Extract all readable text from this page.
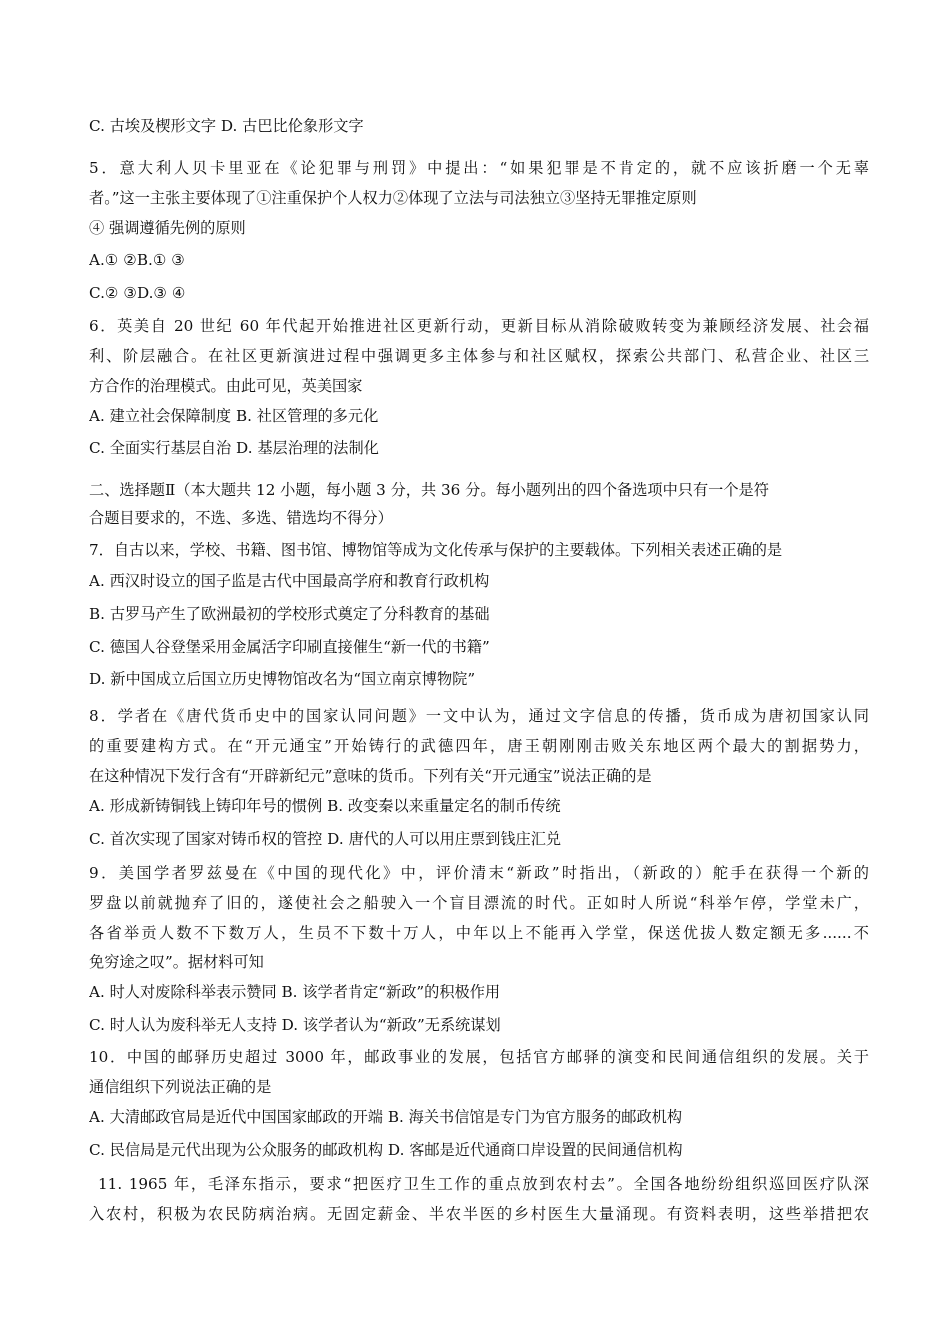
C. 古埃及楔形文字 D. 古巴比伦象形文字
5．意大利人贝卡里亚在《论犯罪与刑罚》中提出：“如果犯罪是不肯定的，就不应该折磨一个无辜
者。”这一主张主要体现了①注重保护个人权力②体现了立法与司法独立③坚持无罪推定原则
④ 强调遵循先例的原则
A.① ②B.① ③
C.② ③D.③ ④
6．英美自 20 世纪 60 年代起开始推进社区更新行动，更新目标从消除破败转变为兼顾经济发展、社会福
利、阶层融合。在社区更新演进过程中强调更多主体参与和社区赋权，探索公共部门、私营企业、社区三
方合作的治理模式。由此可见，英美国家
A. 建立社会保障制度 B. 社区管理的多元化
C. 全面实行基层自治 D. 基层治理的法制化
二、选择题Ⅱ（本大题共 12 小题，每小题 3 分，共 36 分。每小题列出的四个备选项中只有一个是符
合题目要求的，不选、多选、错选均不得分）
7．自古以来，学校、书籍、图书馆、博物馆等成为文化传承与保护的主要载体。下列相关表述正确的是
A. 西汉时设立的国子监是古代中国最高学府和教育行政机构
B. 古罗马产生了欧洲最初的学校形式奠定了分科教育的基础
C. 德国人谷登堡采用金属活字印刷直接催生“新一代的书籍”
D. 新中国成立后国立历史博物馆改名为“国立南京博物院”
8．学者在《唐代货币史中的国家认同问题》一文中认为，通过文字信息的传播，货币成为唐初国家认同
的重要建构方式。在“开元通宝”开始铸行的武德四年，唐王朝刚刚击败关东地区两个最大的割据势力，
在这种情况下发行含有“开辟新纪元”意味的货币。下列有关“开元通宝”说法正确的是
A. 形成新铸铜钱上铸印年号的惯例 B. 改变秦以来重量定名的制币传统
C. 首次实现了国家对铸币权的管控 D. 唐代的人可以用庄票到钱庄汇兑
9．美国学者罗兹曼在《中国的现代化》中，评价清末“新政”时指出，（新政的）舵手在获得一个新的
罗盘以前就抛弃了旧的，遂使社会之船驶入一个盲目漂流的时代。正如时人所说“科举乍停，学堂未广，
各省举贡人数不下数万人，生员不下数十万人，中年以上不能再入学堂，保送优拔人数定额无多......不
免穷途之叹”。据材料可知
A. 时人对废除科举表示赞同 B. 该学者肯定“新政”的积极作用
C. 时人认为废科举无人支持 D. 该学者认为“新政”无系统谋划
10．中国的邮驿历史超过 3000 年，邮政事业的发展，包括官方邮驿的演变和民间通信组织的发展。关于
通信组织下列说法正确的是
A. 大清邮政官局是近代中国国家邮政的开端 B. 海关书信馆是专门为官方服务的邮政机构
C. 民信局是元代出现为公众服务的邮政机构 D. 客邮是近代通商口岸设置的民间通信机构
11. 1965 年，毛泽东指示，要求“把医疗卫生工作的重点放到农村去”。全国各地纷纷组织巡回医疗队深
入农村，积极为农民防病治病。无固定薪金、半农半医的乡村医生大量涌现。有资料表明，这些举措把农
